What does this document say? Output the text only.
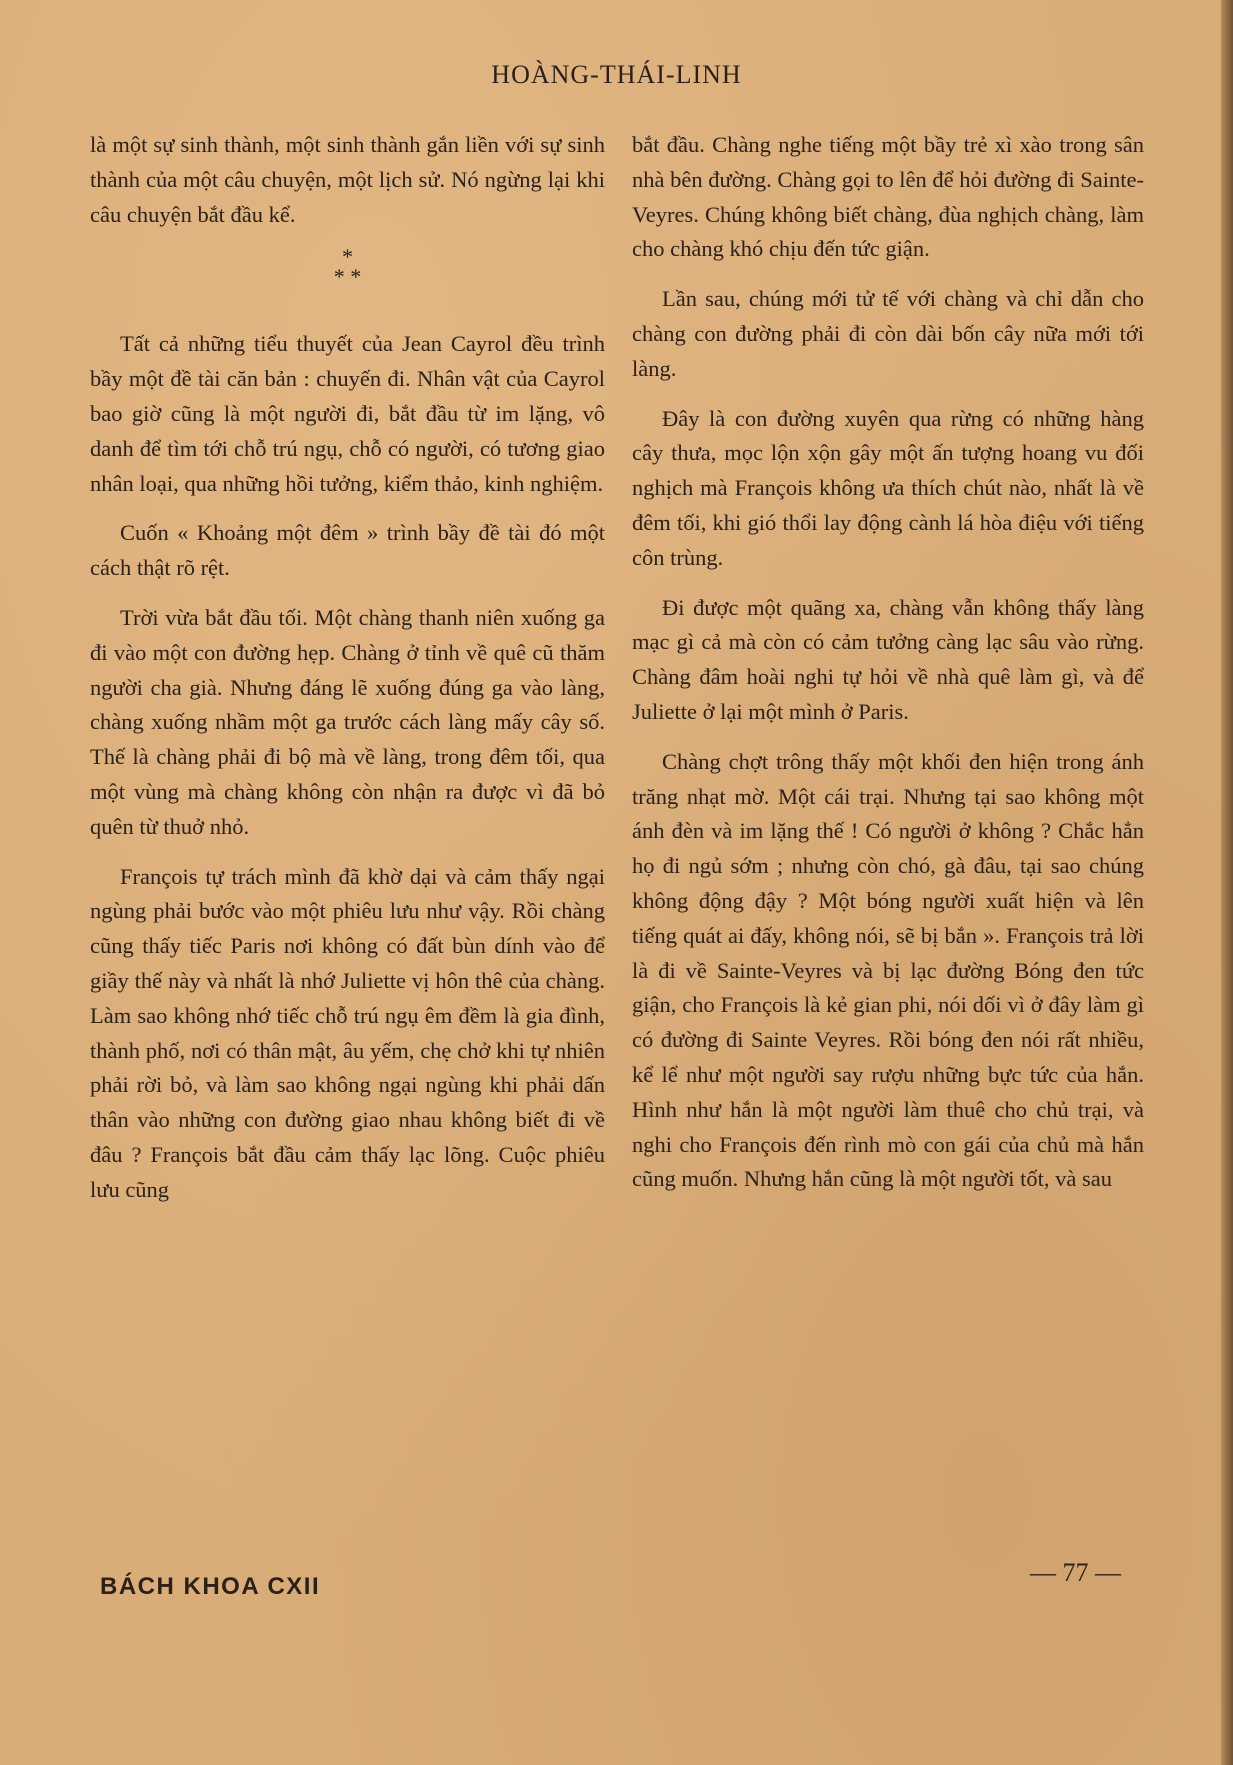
HOÀNG-THÁI-LINH

là một sự sinh thành, một sinh thành gắn liền với sự sinh thành của một câu chuyện, một lịch sử. Nó ngừng lại khi câu chuyện bắt đầu kể.

*
* *

Tất cả những tiểu thuyết của Jean Cayrol đều trình bầy một đề tài căn bản : chuyến đi. Nhân vật của Cayrol bao giờ cũng là một người đi, bắt đầu từ im lặng, vô danh để tìm tới chỗ trú ngụ, chỗ có người, có tương giao nhân loại, qua những hồi tưởng, kiểm thảo, kinh nghiệm.

Cuốn « Khoảng một đêm » trình bầy đề tài đó một cách thật rõ rệt.

Trời vừa bắt đầu tối. Một chàng thanh niên xuống ga đi vào một con đường hẹp. Chàng ở tỉnh về quê cũ thăm người cha già. Nhưng đáng lẽ xuống đúng ga vào làng, chàng xuống nhầm một ga trước cách làng mấy cây số. Thế là chàng phải đi bộ mà về làng, trong đêm tối, qua một vùng mà chàng không còn nhận ra được vì đã bỏ quên từ thuở nhỏ.

François tự trách mình đã khờ dại và cảm thấy ngại ngùng phải bước vào một phiêu lưu như vậy. Rồi chàng cũng thấy tiếc Paris nơi không có đất bùn dính vào để giầy thế này và nhất là nhớ Juliette vị hôn thê của chàng. Làm sao không nhớ tiếc chỗ trú ngụ êm đềm là gia đình, thành phố, nơi có thân mật, âu yếm, chẹ chở khi tự nhiên phải rời bỏ, và làm sao không ngại ngùng khi phải dấn thân vào những con đường giao nhau không biết đi về đâu ? François bắt đầu cảm thấy lạc lõng. Cuộc phiêu lưu cũng

bắt đầu. Chàng nghe tiếng một bầy trẻ xì xào trong sân nhà bên đường. Chàng gọi to lên để hỏi đường đi Sainte-Veyres. Chúng không biết chàng, đùa nghịch chàng, làm cho chàng khó chịu đến tức giận.

Lần sau, chúng mới tử tế với chàng và chỉ dẫn cho chàng con đường phải đi còn dài bốn cây nữa mới tới làng.

Đây là con đường xuyên qua rừng có những hàng cây thưa, mọc lộn xộn gây một ấn tượng hoang vu đối nghịch mà François không ưa thích chút nào, nhất là về đêm tối, khi gió thổi lay động cành lá hòa điệu với tiếng côn trùng.

Đi được một quãng xa, chàng vẫn không thấy làng mạc gì cả mà còn có cảm tưởng càng lạc sâu vào rừng. Chàng đâm hoài nghi tự hỏi về nhà quê làm gì, và để Juliette ở lại một mình ở Paris.

Chàng chợt trông thấy một khối đen hiện trong ánh trăng nhạt mờ. Một cái trại. Nhưng tại sao không một ánh đèn và im lặng thế ! Có người ở không ? Chắc hẳn họ đi ngủ sớm ; nhưng còn chó, gà đâu, tại sao chúng không động đậy ? Một bóng người xuất hiện và lên tiếng quát ai đấy, không nói, sẽ bị bắn ». François trả lời là đi về Sainte-Veyres và bị lạc đường Bóng đen tức giận, cho François là kẻ gian phi, nói dối vì ở đây làm gì có đường đi Sainte Veyres. Rồi bóng đen nói rất nhiều, kể lể như một người say rượu những bực tức của hắn. Hình như hắn là một người làm thuê cho chủ trại, và nghi cho François đến rình mò con gái của chủ mà hắn cũng muốn. Nhưng hắn cũng là một người tốt, và sau

BÁCH KHOA CXII	— 77 —
